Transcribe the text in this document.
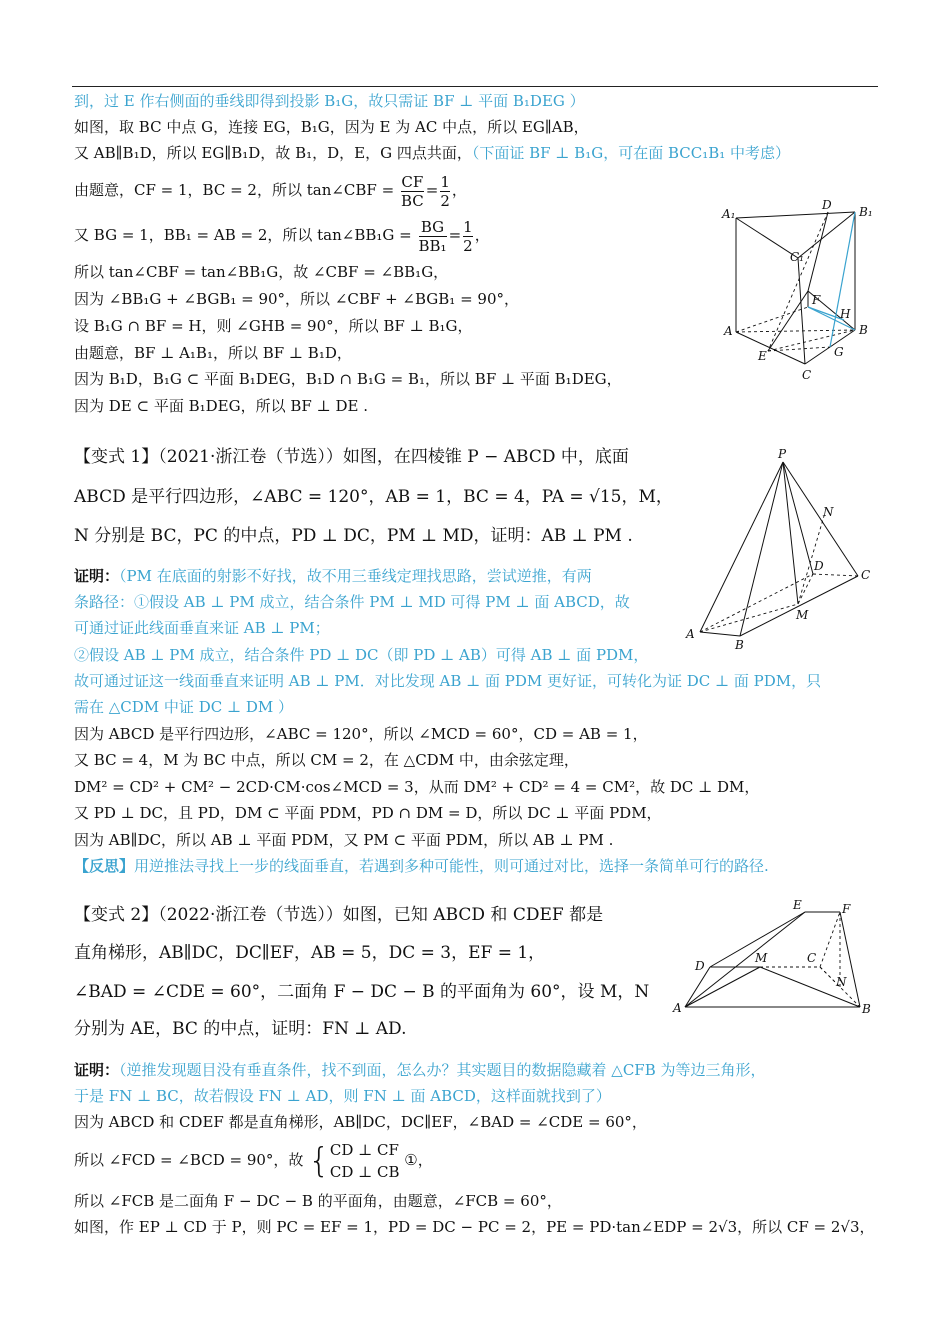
到，过 E 作右侧面的垂线即得到投影 B₁G，故只需证 BF ⊥ 平面 B₁DEG ）
如图，取 BC 中点 G，连接 EG，B₁G，因为 E 为 AC 中点，所以 EG∥AB，
又 AB∥B₁D，所以 EG∥B₁D，故 B₁，D，E，G 四点共面，（下面证 BF ⊥ B₁G，可在面 BCC₁B₁ 中考虑）
由题意，CF = 1，BC = 2，所以 tan∠CBF = $\frac{CF}{BC} = \frac{1}{2}$ ，
又 BG = 1，BB₁ = AB = 2，所以 tan∠BB₁G = $\frac{BG}{\text{BB₁}} = \frac{1}{2}$ ，
所以 tan∠CBF = tan∠BB₁G，故 ∠CBF = ∠BB₁G，
因为 ∠BB₁G + ∠BGB₁ = 90°，所以 ∠CBF + ∠BGB₁ = 90°，
设 B₁G ∩ BF = H，则 ∠GHB = 90°，所以 BF ⊥ B₁G，
由题意，BF ⊥ A₁B₁，所以 BF ⊥ B₁D，
因为 B₁D，B₁G ⊂ 平面 B₁DEG，B₁D ∩ B₁G = B₁，所以 BF ⊥ 平面 B₁DEG，
因为 DE ⊂ 平面 B₁DEG，所以 BF ⊥ DE .
A₁
D B₁
C₁
F
H
A	B
E	G
C
【变式 1】（2021·浙江卷（节选））如图，在四棱锥 P − ABCD 中，底面
ABCD 是平行四边形，∠ABC = 120°，AB = 1，BC = 4，PA = √15，M，
N 分别是 BC，PC 的中点，PD ⊥ DC，PM ⊥ MD，证明：AB ⊥ PM .
证明：（PM 在底面的射影不好找，故不用三垂线定理找思路，尝试逆推，有两
条路径：①假设 AB ⊥ PM 成立，结合条件 PM ⊥ MD 可得 PM ⊥ 面 ABCD，故
可通过证此线面垂直来证 AB ⊥ PM；
②假设 AB ⊥ PM 成立，结合条件 PD ⊥ DC（即 PD ⊥ AB）可得 AB ⊥ 面 PDM，
故可通过证这一线面垂直来证明 AB ⊥ PM．对比发现 AB ⊥ 面 PDM 更好证，可转化为证 DC ⊥ 面 PDM，只
需在 △CDM 中证 DC ⊥ DM ）
因为 ABCD 是平行四边形，∠ABC = 120°，所以 ∠MCD = 60°，CD = AB = 1，
又 BC = 4，M 为 BC 中点，所以 CM = 2，在 △CDM 中，由余弦定理，
DM² = CD² + CM² − 2CD·CM·cos∠MCD = 3，从而 DM² + CD² = 4 = CM²，故 DC ⊥ DM，
又 PD ⊥ DC，且 PD，DM ⊂ 平面 PDM，PD ∩ DM = D，所以 DC ⊥ 平面 PDM，
因为 AB∥DC，所以 AB ⊥ 平面 PDM，又 PM ⊂ 平面 PDM，所以 AB ⊥ PM .
【反思】用逆推法寻找上一步的线面垂直，若遇到多种可能性，则可通过对比，选择一条简单可行的路径.
P
N
D
C
A
B
M
【变式 2】（2022·浙江卷（节选））如图，已知 ABCD 和 CDEF 都是
直角梯形，AB∥DC，DC∥EF，AB = 5，DC = 3，EF = 1，
∠BAD = ∠CDE = 60°，二面角 F − DC − B 的平面角为 60°，设 M，N
分别为 AE，BC 的中点，证明：FN ⊥ AD.
证明：（逆推发现题目没有垂直条件，找不到面，怎么办？其实题目的数据隐藏着 △CFB 为等边三角形，
于是 FN ⊥ BC，故若假设 FN ⊥ AD，则 FN ⊥ 面 ABCD，这样面就找到了）
因为 ABCD 和 CDEF 都是直角梯形，AB∥DC，DC∥EF，∠BAD = ∠CDE = 60°，
所以 ∠FCD = ∠BCD = 90°，故 { CD ⊥ CF
CD ⊥ CB
①，
所以 ∠FCB 是二面角 F − DC − B 的平面角，由题意，∠FCB = 60°，
如图，作 EP ⊥ CD 于 P，则 PC = EF = 1，PD = DC − PC = 2，PE = PD·tan∠EDP = 2√3，所以 CF = 2√3，
E	F
D
M	C
N
A	B
